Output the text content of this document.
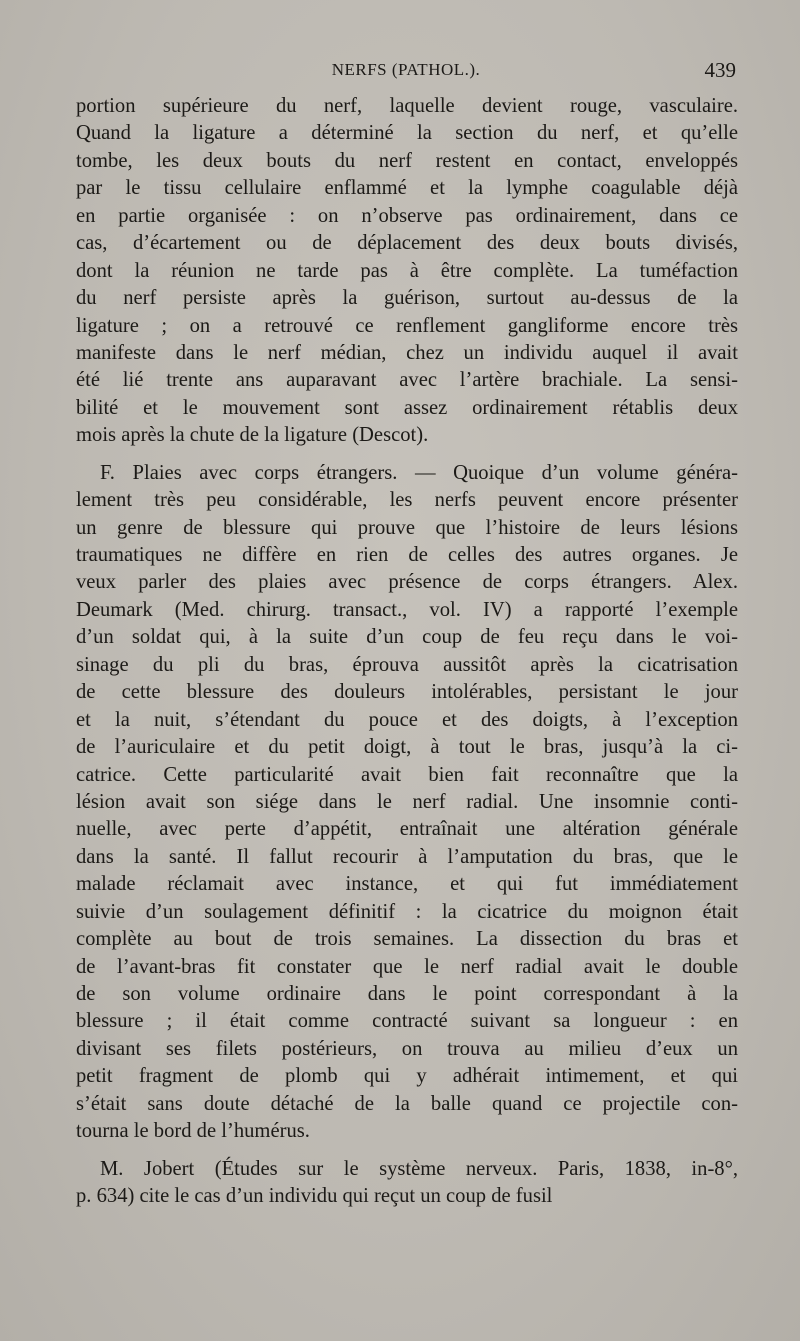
NERFS (PATHOL.).	439
portion supérieure du nerf, laquelle devient rouge, vasculaire.
Quand la ligature a déterminé la section du nerf, et qu’elle
tombe, les deux bouts du nerf restent en contact, enveloppés
par le tissu cellulaire enflammé et la lymphe coagulable déjà
en partie organisée : on n’observe pas ordinairement, dans ce
cas, d’écartement ou de déplacement des deux bouts divisés,
dont la réunion ne tarde pas à être complète. La tuméfaction
du nerf persiste après la guérison, surtout au-dessus de la
ligature ; on a retrouvé ce renflement gangliforme encore très
manifeste dans le nerf médian, chez un individu auquel il avait
été lié trente ans auparavant avec l’artère brachiale. La sensi-
bilité et le mouvement sont assez ordinairement rétablis deux
mois après la chute de la ligature (Descot).
F. Plaies avec corps étrangers. — Quoique d’un volume généra-
lement très peu considérable, les nerfs peuvent encore présenter
un genre de blessure qui prouve que l’histoire de leurs lésions
traumatiques ne diffère en rien de celles des autres organes. Je
veux parler des plaies avec présence de corps étrangers. Alex.
Deumark (Med. chirurg. transact., vol. IV) a rapporté l’exemple
d’un soldat qui, à la suite d’un coup de feu reçu dans le voi-
sinage du pli du bras, éprouva aussitôt après la cicatrisation
de cette blessure des douleurs intolérables, persistant le jour
et la nuit, s’étendant du pouce et des doigts, à l’exception
de l’auriculaire et du petit doigt, à tout le bras, jusqu’à la ci-
catrice. Cette particularité avait bien fait reconnaître que la
lésion avait son siége dans le nerf radial. Une insomnie conti-
nuelle, avec perte d’appétit, entraînait une altération générale
dans la santé. Il fallut recourir à l’amputation du bras, que le
malade réclamait avec instance, et qui fut immédiatement
suivie d’un soulagement définitif : la cicatrice du moignon était
complète au bout de trois semaines. La dissection du bras et
de l’avant-bras fit constater que le nerf radial avait le double
de son volume ordinaire dans le point correspondant à la
blessure ; il était comme contracté suivant sa longueur : en
divisant ses filets postérieurs, on trouva au milieu d’eux un
petit fragment de plomb qui y adhérait intimement, et qui
s’était sans doute détaché de la balle quand ce projectile con-
tourna le bord de l’humérus.
M. Jobert (Études sur le système nerveux. Paris, 1838, in-8°,
p. 634) cite le cas d’un individu qui reçut un coup de fusil
